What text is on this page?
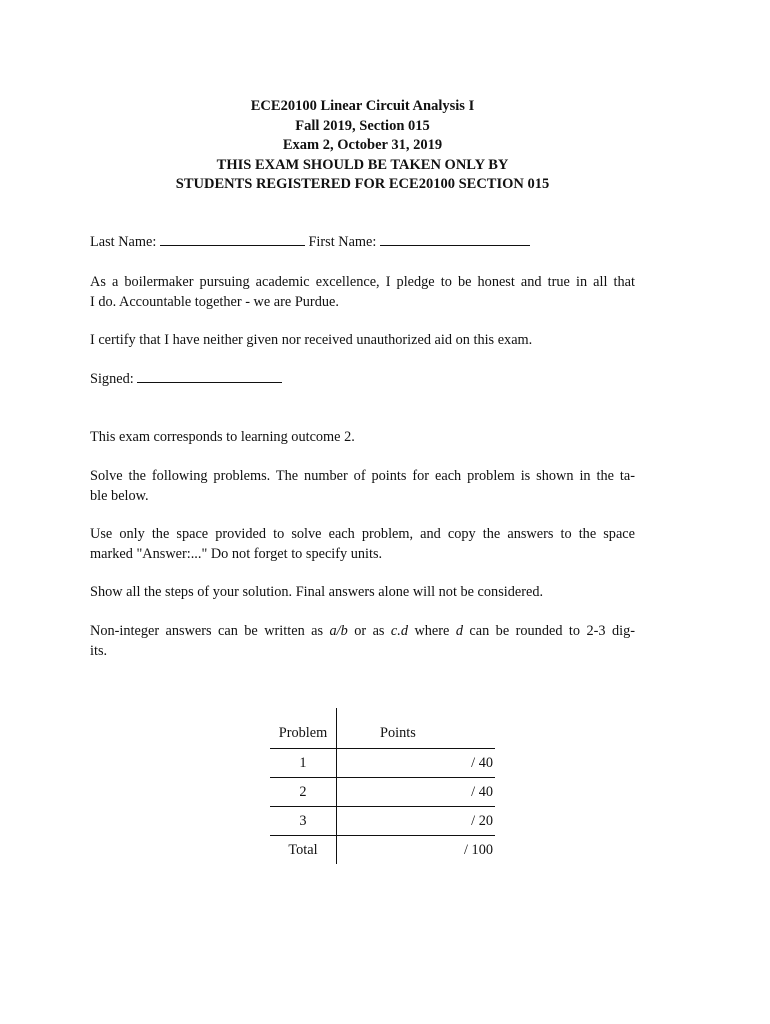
ECE20100 Linear Circuit Analysis I
Fall 2019, Section 015
Exam 2, October 31, 2019
THIS EXAM SHOULD BE TAKEN ONLY BY
STUDENTS REGISTERED FOR ECE20100 SECTION 015
Last Name:	First Name:
As a boilermaker pursuing academic excellence, I pledge to be honest and true in all that
I do. Accountable together - we are Purdue.
I certify that I have neither given nor received unauthorized aid on this exam.
Signed:
This exam corresponds to learning outcome 2.
Solve the following problems. The number of points for each problem is shown in the ta-
ble below.
Use only the space provided to solve each problem, and copy the answers to the space
marked "Answer:..." Do not forget to specify units.
Show all the steps of your solution. Final answers alone will not be considered.
Non-integer answers can be written as a/b or as c.d where d can be rounded to 2-3 dig-
its.
Problem	Points
1	/ 40
2	/ 40
3	/ 20
Total	/ 100
